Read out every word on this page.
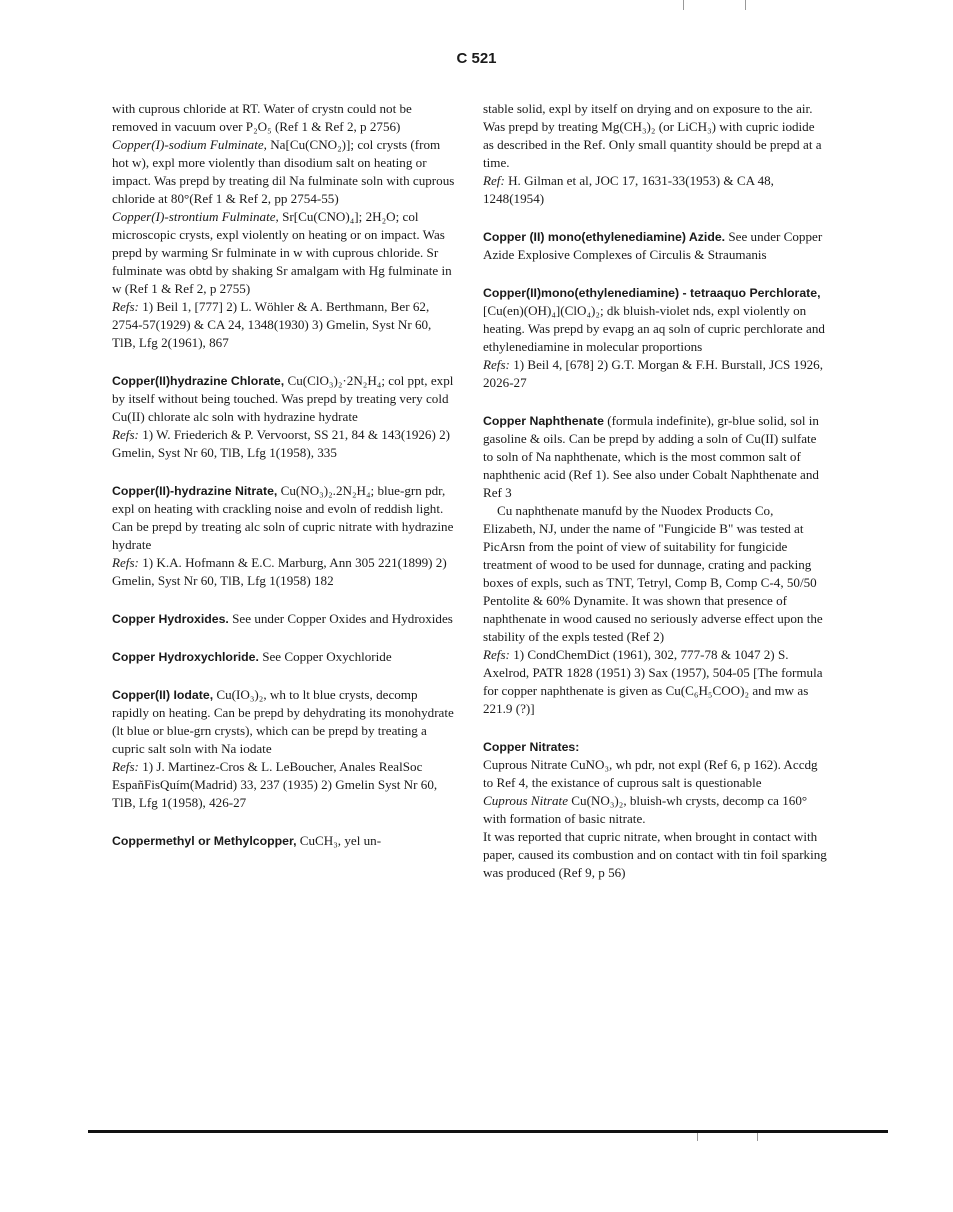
C 521

with cuprous chloride at RT. Water of crystn could not be removed in vacuum over P₂O₅ (Ref 1 & Ref 2, p 2756)

Copper(I)-sodium Fulminate, Na[Cu(CNO₂)]; col crysts (from hot w), expl more violently than disodium salt on heating or impact. Was prepd by treating dil Na fulminate soln with cuprous chloride at 80°(Ref 1 & Ref 2, pp 2754-55)

Copper(I)-strontium Fulminate, Sr[Cu(CNO)₄]; 2H₂O; col microscopic crysts, expl violently on heating or on impact. Was prepd by warming Sr fulminate in w with cuprous chloride. Sr fulminate was obtd by shaking Sr amalgam with Hg fulminate in w (Ref 1 & Ref 2, p 2755)

Refs: 1) Beil 1, [777] 2) L. Wöhler & A. Berthmann, Ber 62, 2754-57(1929) & CA 24, 1348(1930) 3) Gmelin, Syst Nr 60, TlB, Lfg 2(1961), 867

Copper(II)hydrazine Chlorate, Cu(ClO₃)₂·2N₂H₄; col ppt, expl by itself without being touched. Was prepd by treating very cold Cu(II) chlorate alc soln with hydrazine hydrate

Refs: 1) W. Friederich & P. Vervoorst, SS 21, 84 & 143(1926) 2) Gmelin, Syst Nr 60, TlB, Lfg 1(1958), 335

Copper(II)-hydrazine Nitrate, Cu(NO₃)₂.2N₂H₄; blue-grn pdr, expl on heating with crackling noise and evoln of reddish light. Can be prepd by treating alc soln of cupric nitrate with hydrazine hydrate

Refs: 1) K.A. Hofmann & E.C. Marburg, Ann 305 221(1899) 2) Gmelin, Syst Nr 60, TlB, Lfg 1(1958) 182

Copper Hydroxides. See under Copper Oxides and Hydroxides

Copper Hydroxychloride. See Copper Oxychloride

Copper(II) Iodate, Cu(IO₃)₂, wh to lt blue crysts, decomp rapidly on heating. Can be prepd by dehydrating its monohydrate (lt blue or blue-grn crysts), which can be prepd by treating a cupric salt soln with Na iodate

Refs: 1) J. Martinez-Cros & L. LeBoucher, Anales RealSoc EspañFisQuím(Madrid) 33, 237 (1935) 2) Gmelin Syst Nr 60, TlB, Lfg 1(1958), 426-27

Coppermethyl or Methylcopper, CuCH₃, yel un-

stable solid, expl by itself on drying and on exposure to the air. Was prepd by treating Mg(CH₃)₂ (or LiCH₃) with cupric iodide as described in the Ref. Only small quantity should be prepd at a time.

Ref: H. Gilman et al, JOC 17, 1631-33(1953) & CA 48, 1248(1954)

Copper (II) mono(ethylenediamine) Azide. See under Copper Azide Explosive Complexes of Circulis & Straumanis

Copper(II)mono(ethylenediamine) - tetraaquo Perchlorate, [Cu(en)(OH)₄](ClO₄)₂; dk bluish-violet nds, expl violently on heating. Was prepd by evapg an aq soln of cupric perchlorate and ethylenediamine in molecular proportions

Refs: 1) Beil 4, [678] 2) G.T. Morgan & F.H. Burstall, JCS 1926, 2026-27

Copper Naphthenate (formula indefinite), gr-blue solid, sol in gasoline & oils. Can be prepd by adding a soln of Cu(II) sulfate to soln of Na naphthenate, which is the most common salt of naphthenic acid (Ref 1). See also under Cobalt Naphthenate and Ref 3

Cu naphthenate manufd by the Nuodex Products Co, Elizabeth, NJ, under the name of "Fungicide B" was tested at PicArsn from the point of view of suitability for fungicide treatment of wood to be used for dunnage, crating and packing boxes of expls, such as TNT, Tetryl, Comp B, Comp C-4, 50/50 Pentolite & 60% Dynamite. It was shown that presence of naphthenate in wood caused no seriously adverse effect upon the stability of the expls tested (Ref 2)

Refs: 1) CondChemDict (1961), 302, 777-78 & 1047 2) S. Axelrod, PATR 1828 (1951) 3) Sax (1957), 504-05 [The formula for copper naphthenate is given as Cu(C₆H₅COO)₂ and mw as 221.9 (?)]

Copper Nitrates:

Cuprous Nitrate CuNO₃, wh pdr, not expl (Ref 6, p 162). Accdg to Ref 4, the existance of cuprous salt is questionable

Cuprous Nitrate Cu(NO₃)₂, bluish-wh crysts, decomp ca 160° with formation of basic nitrate.

It was reported that cupric nitrate, when brought in contact with paper, caused its combustion and on contact with tin foil sparking was produced (Ref 9, p 56)
